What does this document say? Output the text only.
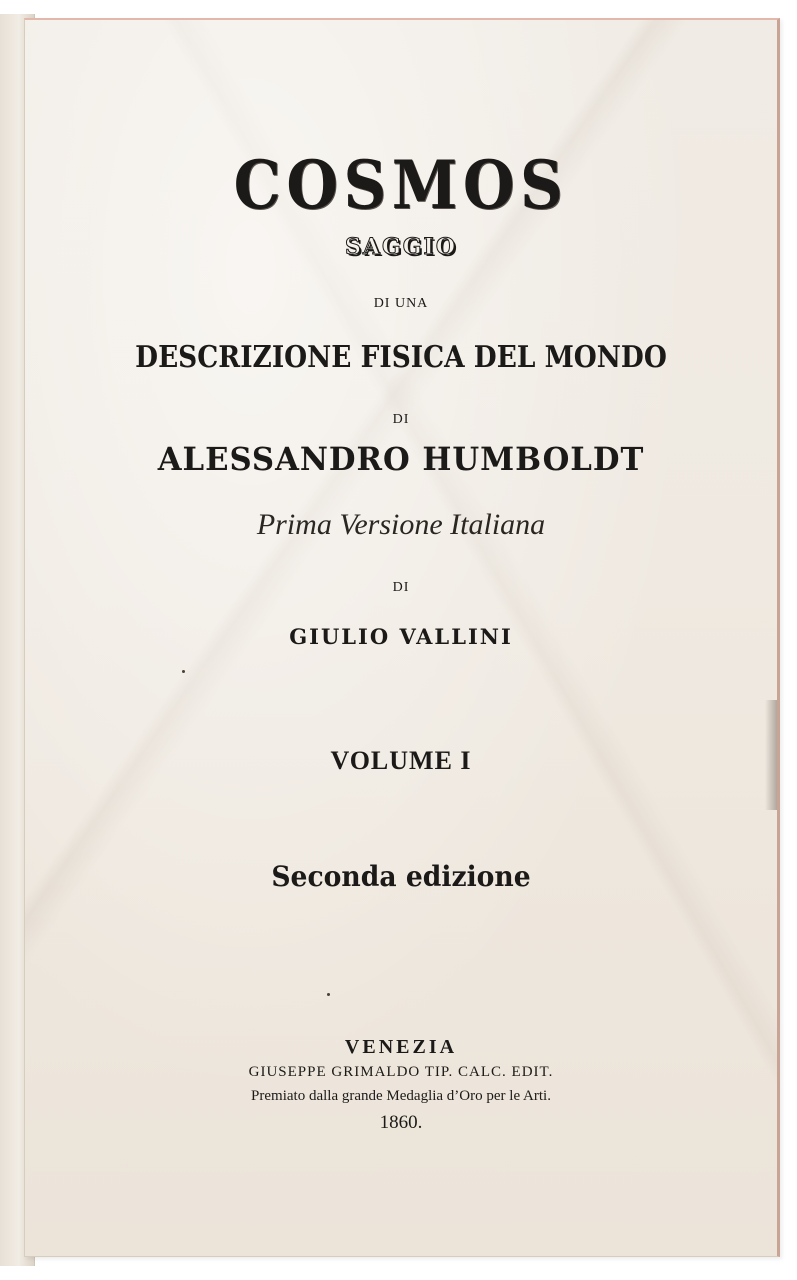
COSMOS
SAGGIO
DI UNA
DESCRIZIONE FISICA DEL MONDO
DI
ALESSANDRO HUMBOLDT
Prima Versione Italiana
DI
GIULIO VALLINI
VOLUME I
Seconda edizione
VENEZIA
GIUSEPPE GRIMALDO TIP. CALC. EDIT.
Premiato dalla grande Medaglia d’Oro per le Arti.
1860.
